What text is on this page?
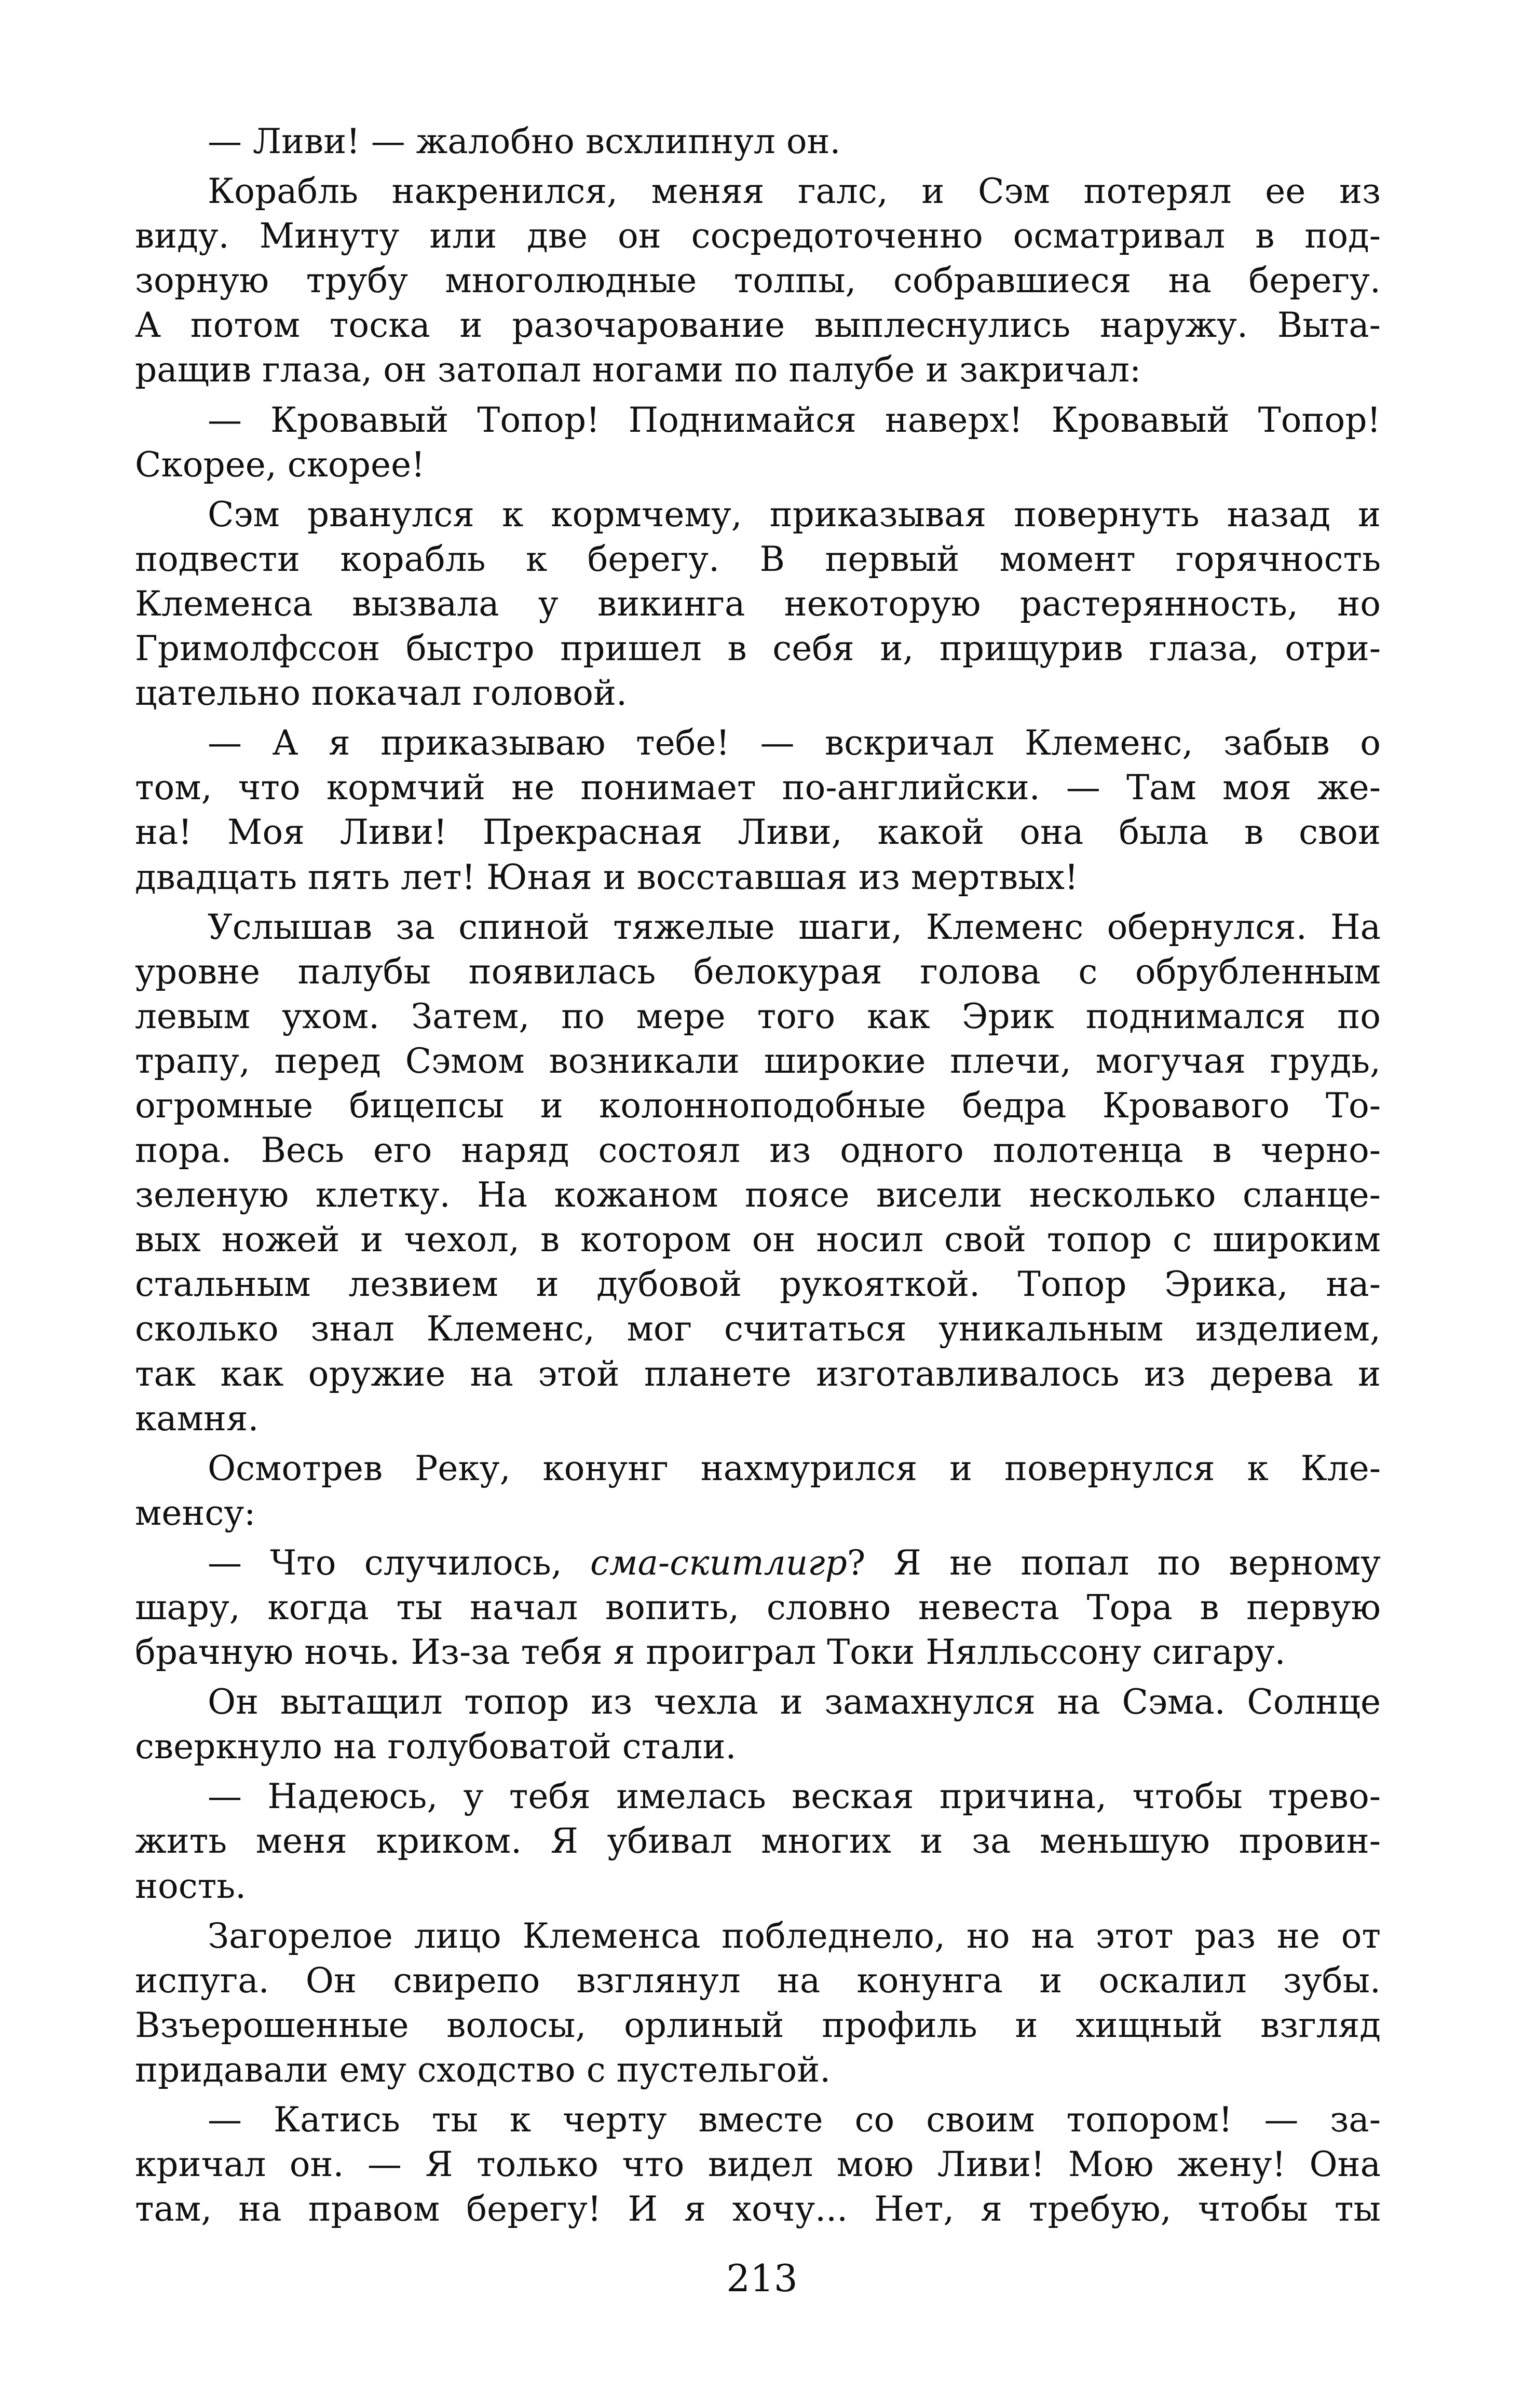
— Ливи! — жалобно всхлипнул он.
Корабль накренился, меняя галс, и Сэм потерял ее из
виду. Минуту или две он сосредоточенно осматривал в под-
зорную трубу многолюдные толпы, собравшиеся на берегу.
А потом тоска и разочарование выплеснулись наружу. Выта-
ращив глаза, он затопал ногами по палубе и закричал:
— Кровавый Топор! Поднимайся наверх! Кровавый Топор!
Скорее, скорее!
Сэм рванулся к кормчему, приказывая повернуть назад и
подвести корабль к берегу. В первый момент горячность
Клеменса вызвала у викинга некоторую растерянность, но
Гримолфссон быстро пришел в себя и, прищурив глаза, отри-
цательно покачал головой.
— А я приказываю тебе! — вскричал Клеменс, забыв о
том, что кормчий не понимает по-английски. — Там моя же-
на! Моя Ливи! Прекрасная Ливи, какой она была в свои
двадцать пять лет! Юная и восставшая из мертвых!
Услышав за спиной тяжелые шаги, Клеменс обернулся. На
уровне палубы появилась белокурая голова с обрубленным
левым ухом. Затем, по мере того как Эрик поднимался по
трапу, перед Сэмом возникали широкие плечи, могучая грудь,
огромные бицепсы и колонноподобные бедра Кровавого То-
пора. Весь его наряд состоял из одного полотенца в черно-
зеленую клетку. На кожаном поясе висели несколько сланце-
вых ножей и чехол, в котором он носил свой топор с широким
стальным лезвием и дубовой рукояткой. Топор Эрика, на-
сколько знал Клеменс, мог считаться уникальным изделием,
так как оружие на этой планете изготавливалось из дерева и
камня.
Осмотрев Реку, конунг нахмурился и повернулся к Кле-
менсу:
— Что случилось, сма-скитлигр? Я не попал по верному
шару, когда ты начал вопить, словно невеста Тора в первую
брачную ночь. Из-за тебя я проиграл Токи Нялльссону сигару.
Он вытащил топор из чехла и замахнулся на Сэма. Солнце
сверкнуло на голубоватой стали.
— Надеюсь, у тебя имелась веская причина, чтобы трево-
жить меня криком. Я убивал многих и за меньшую провин-
ность.
Загорелое лицо Клеменса побледнело, но на этот раз не от
испуга. Он свирепо взглянул на конунга и оскалил зубы.
Взъерошенные волосы, орлиный профиль и хищный взгляд
придавали ему сходство с пустельгой.
— Катись ты к черту вместе со своим топором! — за-
кричал он. — Я только что видел мою Ливи! Мою жену! Она
там, на правом берегу! И я хочу... Нет, я требую, чтобы ты
213
